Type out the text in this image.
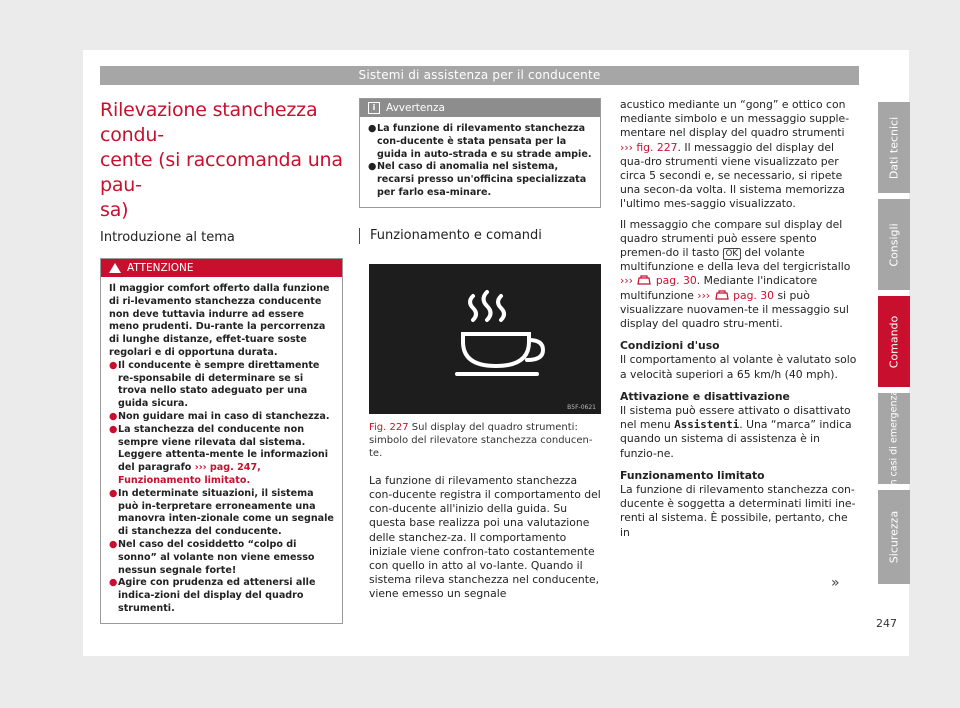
Sistemi di assistenza per il conducente
Rilevazione stanchezza condu-
cente (si raccomanda una pau-
sa)
Introduzione al tema
ATTENZIONE

Il maggior comfort offerto dalla funzione di ri-levamento stanchezza conducente non deve tuttavia indurre ad essere meno prudenti. Du-rante la percorrenza di lunghe distanze, effet-tuare soste regolari e di opportuna durata.

● Il conducente è sempre direttamente re-sponsabile di determinare se si trova nello stato adeguato per una guida sicura.
● Non guidare mai in caso di stanchezza.
● La stanchezza del conducente non sempre viene rilevata dal sistema. Leggere attenta-mente le informazioni del paragrafo ››› pag. 247, Funzionamento limitato.
● In determinate situazioni, il sistema può in-terpretare erroneamente una manovra inten-zionale come un segnale di stanchezza del conducente.
● Nel caso del cosiddetto “colpo di sonno” al volante non viene emesso nessun segnale forte!
● Agire con prudenza ed attenersi alle indica-zioni del display del quadro strumenti.
i	Avvertenza
● La funzione di rilevamento stanchezza con-ducente è stata pensata per la guida in auto-strada e su strade ampie.
● Nel caso di anomalia nel sistema, recarsi presso un'officina specializzata per farlo esa-minare.
Funzionamento e comandi
B5F-0621
Fig. 227 Sul display del quadro strumenti: simbolo del rilevatore stanchezza conducen-te.

La funzione di rilevamento stanchezza con-ducente registra il comportamento del con-ducente all'inizio della guida. Su questa base realizza poi una valutazione delle stanchez-za. Il comportamento iniziale viene confron-tato costantemente con quello in atto al vo-lante. Quando il sistema rileva stanchezza nel conducente, viene emesso un segnale

acustico mediante un “gong” e ottico con mediante simbolo e un messaggio supple-mentare nel display del quadro strumenti ››› fig. 227. Il messaggio del display del qua-dro strumenti viene visualizzato per circa 5 secondi e, se necessario, si ripete una secon-da volta. Il sistema memorizza l'ultimo mes-saggio visualizzato.

Il messaggio che compare sul display del quadro strumenti può essere spento premen-do il tasto OK del volante multifunzione e della leva del tergicristallo ›››  pag. 30. Mediante l'indicatore multifunzione ›››  pag. 30 si può visualizzare nuovamen-te il messaggio sul display del quadro stru-menti.

Condizioni d'uso

Il comportamento al volante è valutato solo a velocità superiori a 65 km/h (40 mph).

Attivazione e disattivazione

Il sistema può essere attivato o disattivato nel menu Assistenti. Una “marca” indica quando un sistema di assistenza è in funzio-ne.

Funzionamento limitato

La funzione di rilevamento stanchezza con-ducente è soggetta a determinati limiti ine-renti al sistema. È possibile, pertanto, che in

»
Dati tecnici
Consigli
Comando
In casi di emergenza
Sicurezza
247
